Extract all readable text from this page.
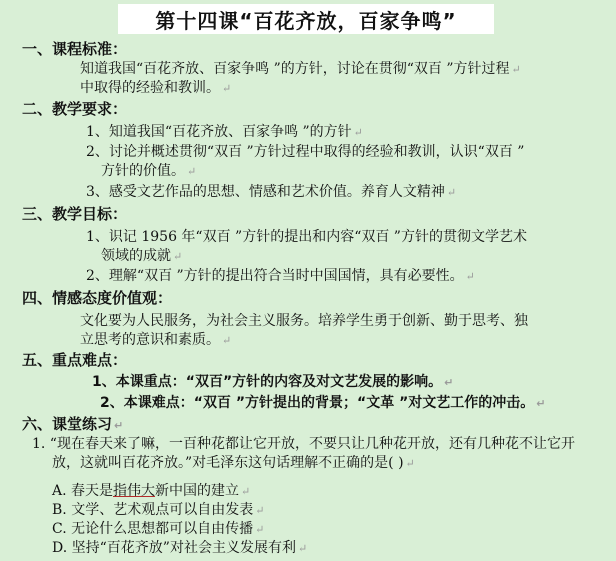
第十四课“百花齐放，百家争鸣”
一、课程标准：
知道我国“百花齐放、百家争鸣 ”的方针，讨论在贯彻“双百 ”方针过程 ↵
中取得的经验和教训。 ↵
二、教学要求：
1、知道我国“百花齐放、百家争鸣 ”的方针 ↵
2、讨论并概述贯彻“双百 ”方针过程中取得的经验和教训，认识“双百 ”
方针的价值。 ↵
3、感受文艺作品的思想、情感和艺术价值。养育人文精神 ↵
三、教学目标：
1、识记 1956 年“双百 ”方针的提出和内容“双百 ”方针的贯彻文学艺术
领域的成就 ↵
2、理解“双百 ”方针的提出符合当时中国国情，具有必要性。 ↵
四、情感态度价值观：
文化要为人民服务，为社会主义服务。培养学生勇于创新、勤于思考、独
立思考的意识和素质。 ↵
五、重点难点：
1、本课重点：“双百”方针的内容及对文艺发展的影响。 ↵
2、本课难点：“双百 ”方针提出的背景；“文革 ”对文艺工作的冲击。 ↵
六、课堂练习 ↵
1. “现在春天来了嘛，一百种花都让它开放，不要只让几种花开放，还有几种花不让它开
放，这就叫百花齐放。”对毛泽东这句话理解不正确的是( ) ↵
A. 春天是指伟大新中国的建立 ↵
B. 文学、艺术观点可以自由发表 ↵
C. 无论什么思想都可以自由传播 ↵
D. 坚持“百花齐放”对社会主义发展有利 ↵
